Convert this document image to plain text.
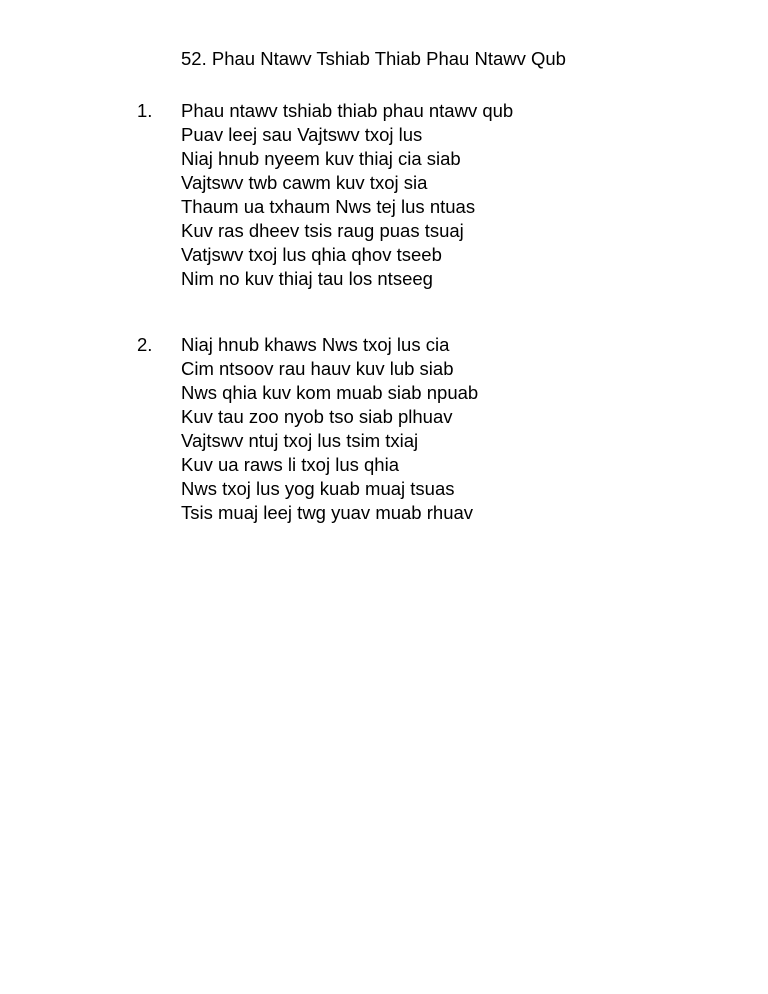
52. Phau Ntawv Tshiab Thiab Phau Ntawv Qub
1. Phau ntawv tshiab thiab phau ntawv qub
Puav leej sau Vajtswv txoj lus
Niaj hnub nyeem kuv thiaj cia siab
Vajtswv twb cawm kuv txoj sia
Thaum ua txhaum Nws tej lus ntuas
Kuv ras dheev tsis raug puas tsuaj
Vatjswv txoj lus qhia qhov tseeb
Nim no kuv thiaj tau los ntseeg
2. Niaj hnub khaws Nws txoj lus cia
Cim ntsoov rau hauv kuv lub siab
Nws qhia kuv kom muab siab npuab
Kuv tau zoo nyob tso siab plhuav
Vajtswv ntuj txoj lus tsim txiaj
Kuv ua raws li txoj lus qhia
Nws txoj lus yog kuab muaj tsuas
Tsis muaj leej twg yuav muab rhuav
